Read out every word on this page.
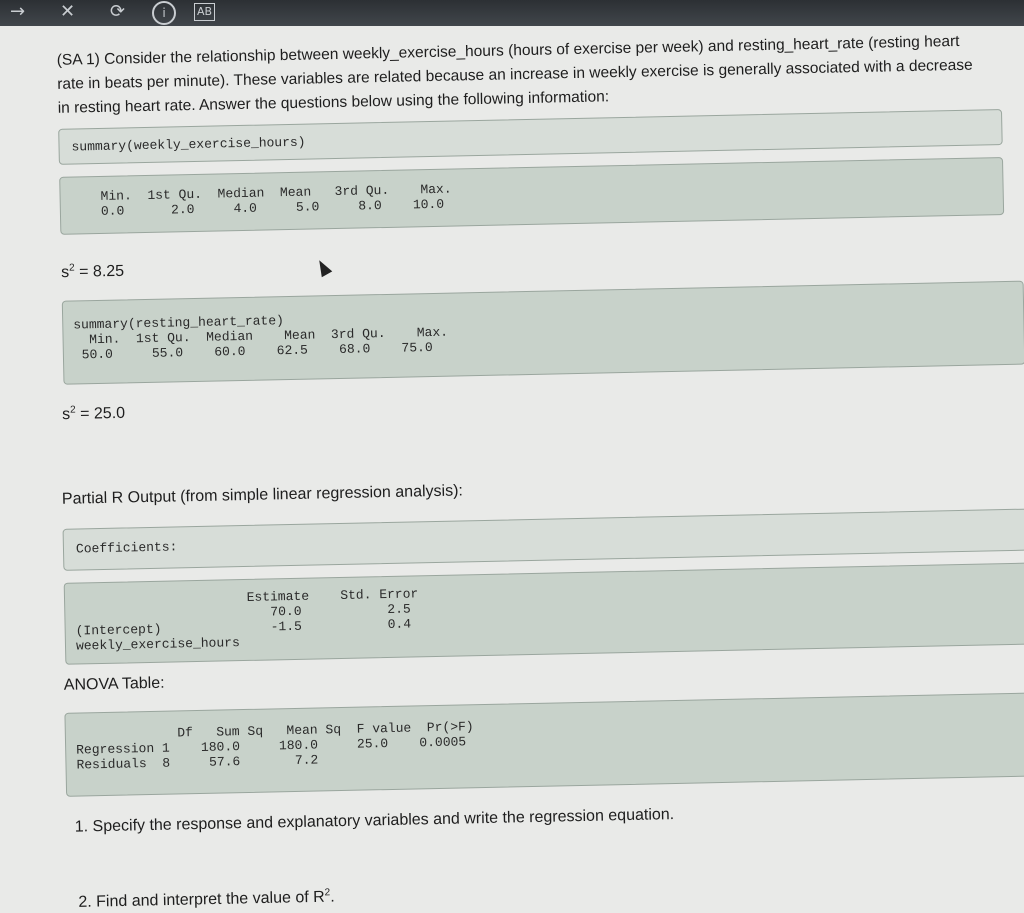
→ ✕ ⟳	i	AB
(SA 1) Consider the relationship between weekly_exercise_hours (hours of exercise per week) and resting_heart_rate (resting heart rate in beats per minute). These variables are related because an increase in weekly exercise is generally associated with a decrease in resting heart rate. Answer the questions below using the following information:
summary(weekly_exercise_hours)
Min.  1st Qu.  Median  Mean   3rd Qu.    Max.
0.0      2.0     4.0     5.0     8.0    10.0
$s^2 = 8.25$
summary(resting_heart_rate)
Min.  1st Qu.  Median    Mean  3rd Qu.    Max.
50.0     55.0    60.0    62.5    68.0    75.0
$s^2 = 25.0$
Partial R Output (from simple linear regression analysis):
Coefficients:
Estimate    Std. Error
70.0           2.5
(Intercept)              -1.5           0.4
weekly_exercise_hours
ANOVA Table:
Df   Sum Sq   Mean Sq  F value  Pr(>F)
Regression 1    180.0     180.0     25.0    0.0005
Residuals  8     57.6       7.2
1. Specify the response and explanatory variables and write the regression equation.
2. Find and interpret the value of $R^2$.
